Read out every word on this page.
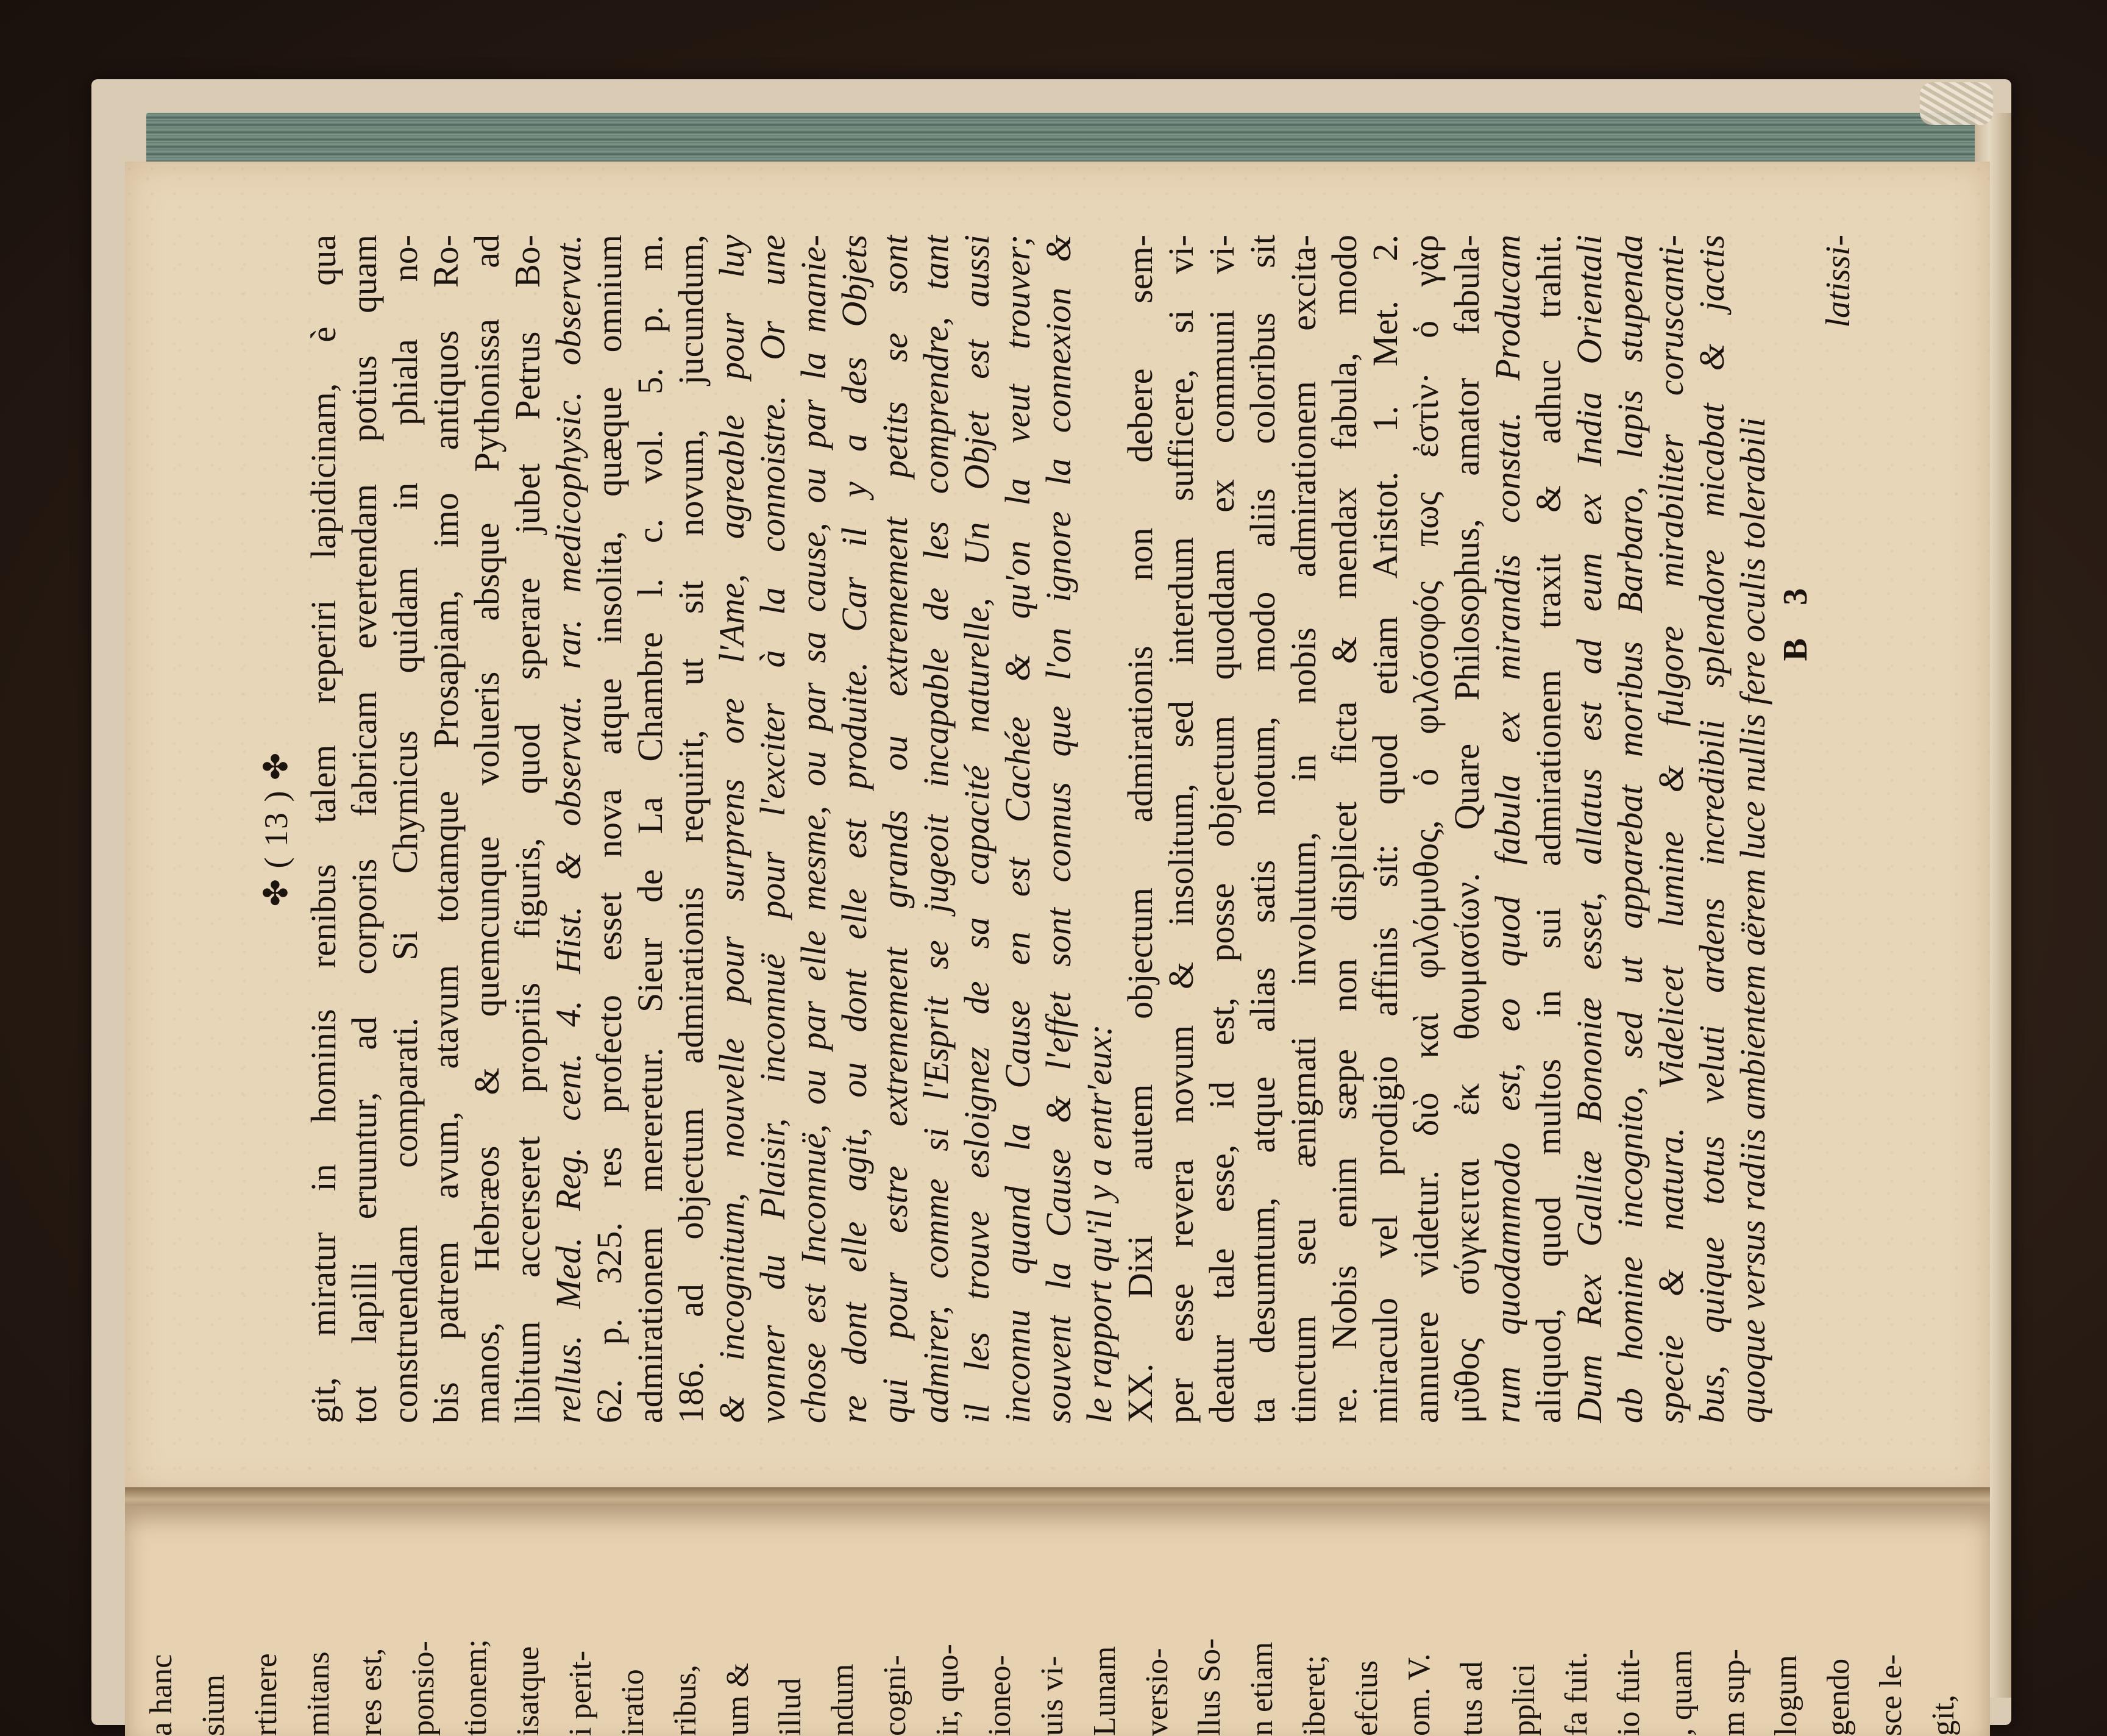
✤ ( 13 ) ✤ git, miratur in hominis renibus talem reperiri lapidicinam, è qua tot lapilli eruuntur, ad corporis fabricam evertendam potius quam construendam comparati. Si Chymicus quidam in phiala no- bis patrem avum, atavum totamque Prosapiam, imo antiquos Ro- manos, Hebræos & quemcunque volueris absque Pythonissa ad libitum accerseret propriis figuris, quod sperare jubet Petrus Bo- rellus. Med. Reg. cent. 4. Hist. & observat. rar. medicophysic. observat. 62. p. 325. res profecto esset nova atque insolita, quæque omnium admirationem mereretur. Sieur de La Chambre l. c. vol. 5. p. m. 186. ad objectum admirationis requirit, ut sit novum, jucundum, & incognitum, nouvelle pour surprens ore l'Ame, agreable pour luy vonner du Plaisir, inconnuë pour l'exciter à la connoistre. Or une chose est Inconnuë, ou par elle mesme, ou par sa cause, ou par la manie- re dont elle agit, ou dont elle est produite. Car il y a des Objets qui pour estre extremement grands ou extremement petits se sont admirer, comme si l'Esprit se jugeoit incapable de les comprendre, tant il les trouve esloignez de sa capacité naturelle, Un Objet est aussi inconnu quand la Cause en est Cachée & qu'on la veut trouver; souvent la Cause & l'effet sont connus que l'on ignore la connexion & le rapport qu'il y a entr'eux: XX. Dixi autem objectum admirationis non debere sem- per esse revera novum & insolitum, sed interdum sufficere, si vi- deatur tale esse, id est, posse objectum quoddam ex communi vi- ta desumtum, atque alias satis notum, modo aliis coloribus sit tinctum seu ænigmati involutum, in nobis admirationem excita- re. Nobis enim sæpe non displicet ficta & mendax fabula, modo miraculo vel prodigio affinis sit: quod etiam Aristot. 1. Met. 2. annuere videtur. διὸ καὶ φιλόμυθος, ὁ φιλόσοφός πως ἐστὶν· ὁ γὰρ μῦθος σύγκειται ἐκ θαυμασίων. Quare Philosophus, amator fabula- rum quodammodo est, eo quod fabula ex mirandis constat. Producam aliquod, quod multos in sui admirationem traxit & adhuc trahit. Dum Rex Galliæ Bononiæ esset, allatus est ad eum ex India Orientali ab homine incognito, sed ut apparebat moribus Barbaro, lapis stupenda specie & natura. Videlicet lumine & fulgore mirabiliter coruscanti- bus, quique totus veluti ardens incredibili splendore micabat & jactis quoque versus radiis ambientem aërem luce nullis fere oculis tolerabili B 3
latissi-
a hanc sium rtinere mitans res est, ponsio- tionem; isatque i perit- iratio ribus, um & illud ndum cogni- ir, quo- ioneo- uis vi- Lunam versio- llus So- n etiam iberet; efcius om. V. tus ad pplici fa fuit. io fuit- , quam m sup- logum gendo sce le- git,
